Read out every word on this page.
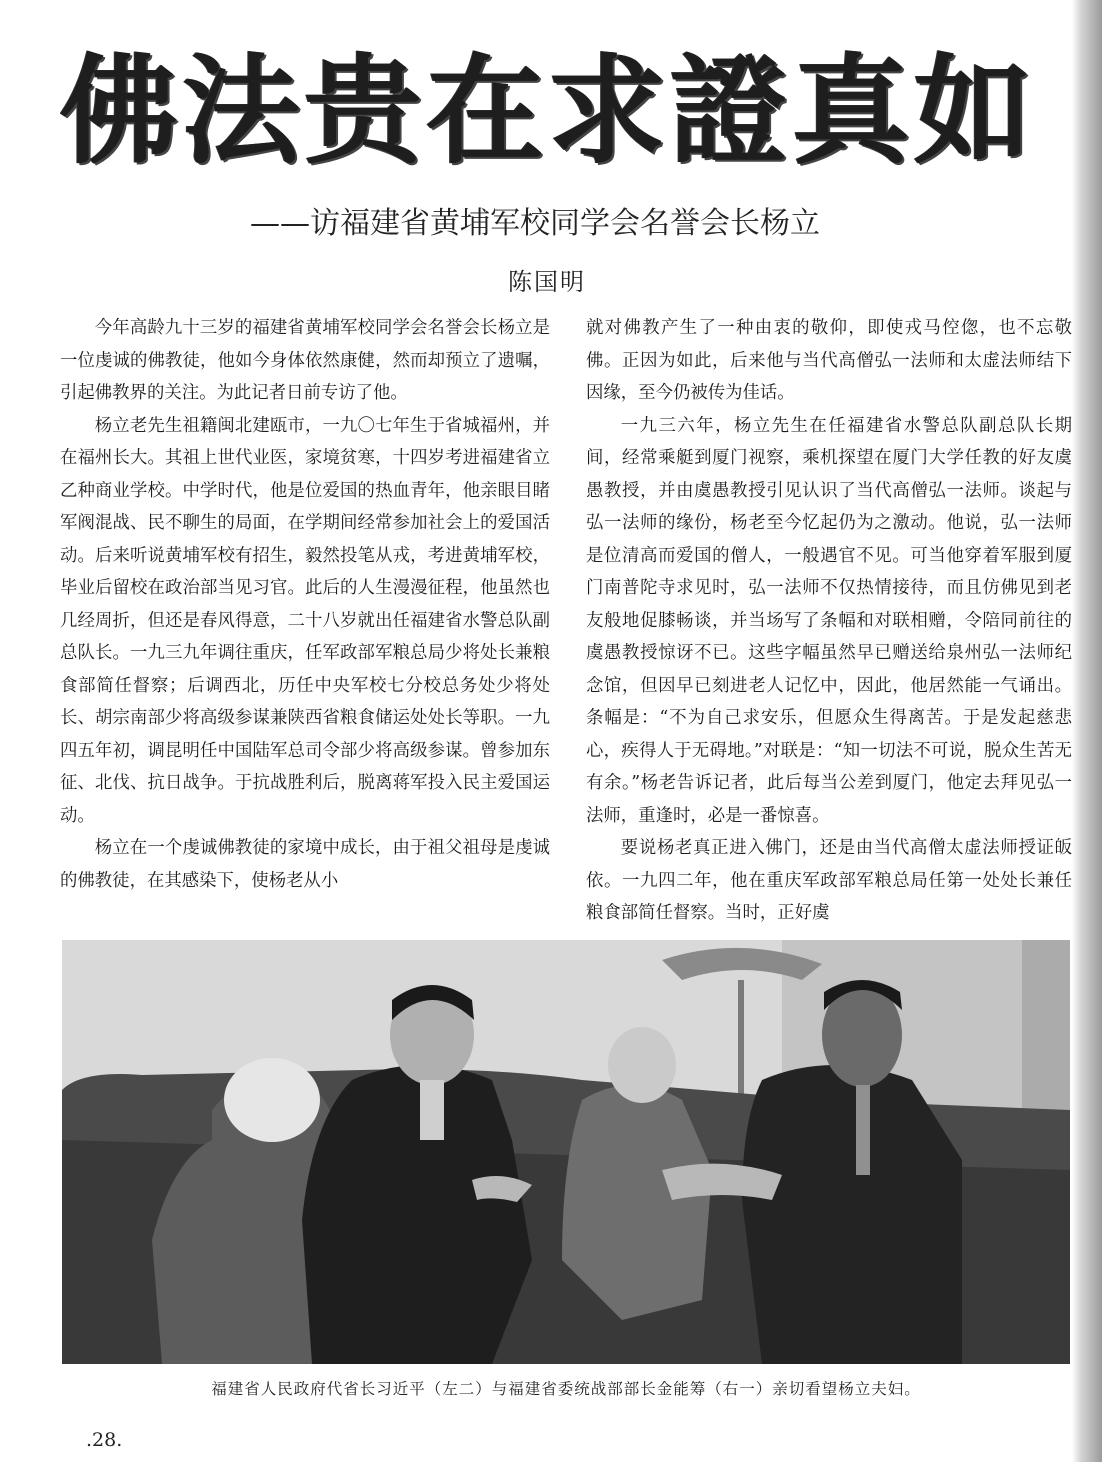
佛法贵在求證真如
——访福建省黄埔军校同学会名誉会长杨立
陈国明

今年高龄九十三岁的福建省黄埔军校同学会名誉会长杨立是一位虔诚的佛教徒，他如今身体依然康健，然而却预立了遗嘱，引起佛教界的关注。为此记者日前专访了他。

杨立老先生祖籍闽北建瓯市，一九〇七年生于省城福州，并在福州长大。其祖上世代业医，家境贫寒，十四岁考进福建省立乙种商业学校。中学时代，他是位爱国的热血青年，他亲眼目睹军阀混战、民不聊生的局面，在学期间经常参加社会上的爱国活动。后来听说黄埔军校有招生，毅然投笔从戎，考进黄埔军校，毕业后留校在政治部当见习官。此后的人生漫漫征程，他虽然也几经周折，但还是春风得意，二十八岁就出任福建省水警总队副总队长。一九三九年调往重庆，任军政部军粮总局少将处长兼粮食部简任督察；后调西北，历任中央军校七分校总务处少将处长、胡宗南部少将高级参谋兼陕西省粮食储运处处长等职。一九四五年初，调昆明任中国陆军总司令部少将高级参谋。曾参加东征、北伐、抗日战争。于抗战胜利后，脱离蒋军投入民主爱国运动。

杨立在一个虔诚佛教徒的家境中成长，由于祖父祖母是虔诚的佛教徒，在其感染下，使杨老从小

就对佛教产生了一种由衷的敬仰，即使戎马倥偬，也不忘敬佛。正因为如此，后来他与当代高僧弘一法师和太虚法师结下因缘，至今仍被传为佳话。

一九三六年，杨立先生在任福建省水警总队副总队长期间，经常乘艇到厦门视察，乘机探望在厦门大学任教的好友虞愚教授，并由虞愚教授引见认识了当代高僧弘一法师。谈起与弘一法师的缘份，杨老至今忆起仍为之激动。他说，弘一法师是位清高而爱国的僧人，一般遇官不见。可当他穿着军服到厦门南普陀寺求见时，弘一法师不仅热情接待，而且仿佛见到老友般地促膝畅谈，并当场写了条幅和对联相赠，令陪同前往的虞愚教授惊讶不已。这些字幅虽然早已赠送给泉州弘一法师纪念馆，但因早已刻进老人记忆中，因此，他居然能一气诵出。条幅是：“不为自己求安乐，但愿众生得离苦。于是发起慈悲心，疾得人于无碍地。”对联是：“知一切法不可说，脱众生苦无有余。”杨老告诉记者，此后每当公差到厦门，他定去拜见弘一法师，重逢时，必是一番惊喜。

要说杨老真正进入佛门，还是由当代高僧太虚法师授证皈依。一九四二年，他在重庆军政部军粮总局任第一处处长兼任粮食部简任督察。当时，正好虞

福建省人民政府代省长习近平（左二）与福建省委统战部部长金能筹（右一）亲切看望杨立夫妇。
.28.
